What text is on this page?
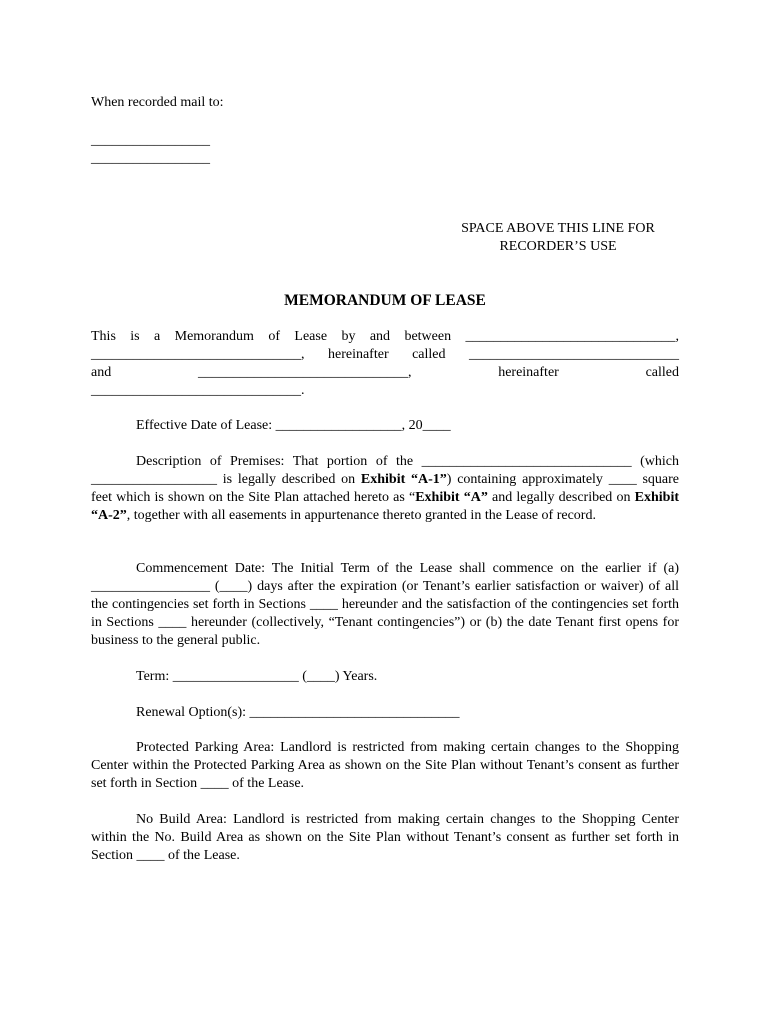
When recorded mail to:
_________________
_________________
SPACE ABOVE THIS LINE FOR
RECORDER’S USE
MEMORANDUM OF LEASE
This is a Memorandum of Lease by and between ______________________________,
______________________________, hereinafter called ______________________________
and ______________________________, hereinafter called
______________________________.
Effective Date of Lease: __________________, 20____
Description of Premises: That portion of the ______________________________ (which __________________ is legally described on Exhibit “A-1”) containing approximately ____ square feet which is shown on the Site Plan attached hereto as “Exhibit “A” and legally described on Exhibit “A-2”, together with all easements in appurtenance thereto granted in the Lease of record.
Commencement Date: The Initial Term of the Lease shall commence on the earlier if (a) _________________ (____) days after the expiration (or Tenant’s earlier satisfaction or waiver) of all the contingencies set forth in Sections ____ hereunder and the satisfaction of the contingencies set forth in Sections ____ hereunder (collectively, “Tenant contingencies”) or (b) the date Tenant first opens for business to the general public.
Term: __________________ (____) Years.
Renewal Option(s): ______________________________
Protected Parking Area: Landlord is restricted from making certain changes to the Shopping Center within the Protected Parking Area as shown on the Site Plan without Tenant’s consent as further set forth in Section ____ of the Lease.
No Build Area: Landlord is restricted from making certain changes to the Shopping Center within the No. Build Area as shown on the Site Plan without Tenant’s consent as further set forth in Section ____ of the Lease.
